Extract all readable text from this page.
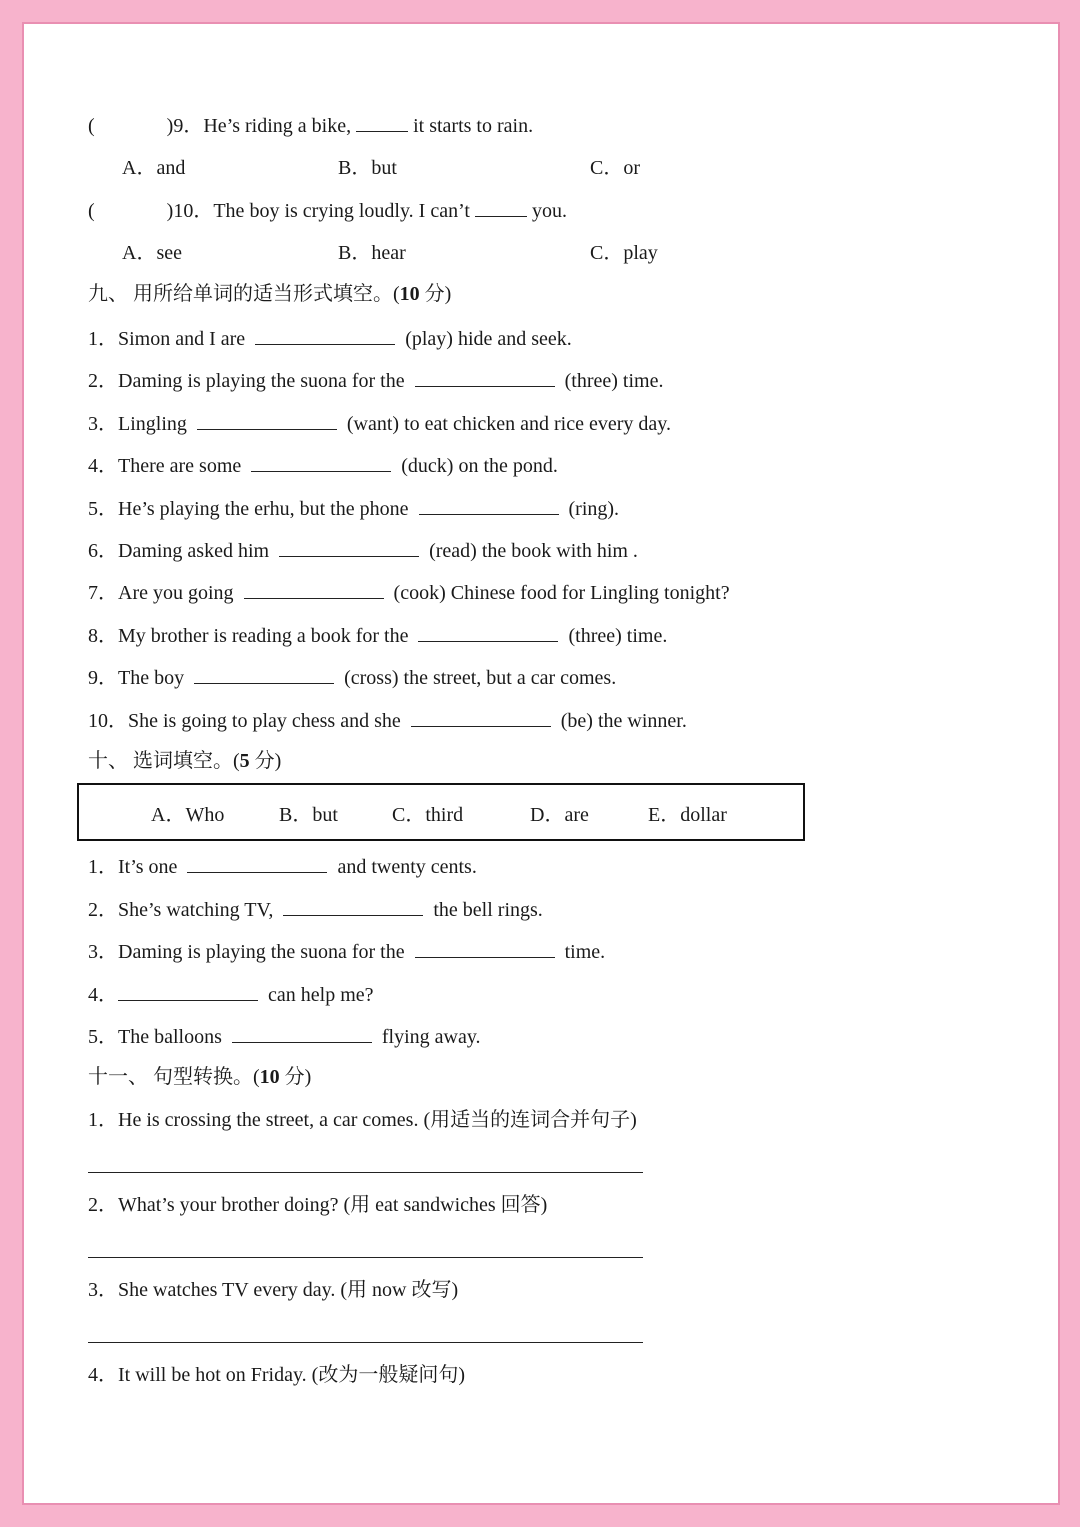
(	)9．He’s riding a bike,	it starts to rain.
A．and	B．but	C．or
(	)10．The boy is crying loudly. I can’t	you.
A．see	B．hear	C．play
九、 用所给单词的适当形式填空。(10 分)
1．Simon and I are	(play) hide and seek.
2．Daming is playing the suona for the	(three) time.
3．Lingling	(want) to eat chicken and rice every day.
4．There are some	(duck) on the pond.
5．He’s playing the erhu, but the phone	(ring).
6．Daming asked him	(read) the book with him .
7．Are you going	(cook) Chinese food for Lingling tonight?
8．My brother is reading a book for the	(three) time.
9．The boy	(cross) the street, but a car comes.
10．She is going to play chess and she	(be) the winner.
十、 选词填空。(5 分)
A．Who	B．but	C．third	D．are	E．dollar
1．It’s one	and twenty cents.
2．She’s watching TV,	the bell rings.
3．Daming is playing the suona for the	time.
4．	can help me?
5．The balloons	flying away.
十一、 句型转换。(10 分)
1．He is crossing the street, a car comes. (用适当的连词合并句子)
2．What’s your brother doing? (用 eat sandwiches 回答)
3．She watches TV every day. (用 now 改写)
4．It will be hot on Friday. (改为一般疑问句)
